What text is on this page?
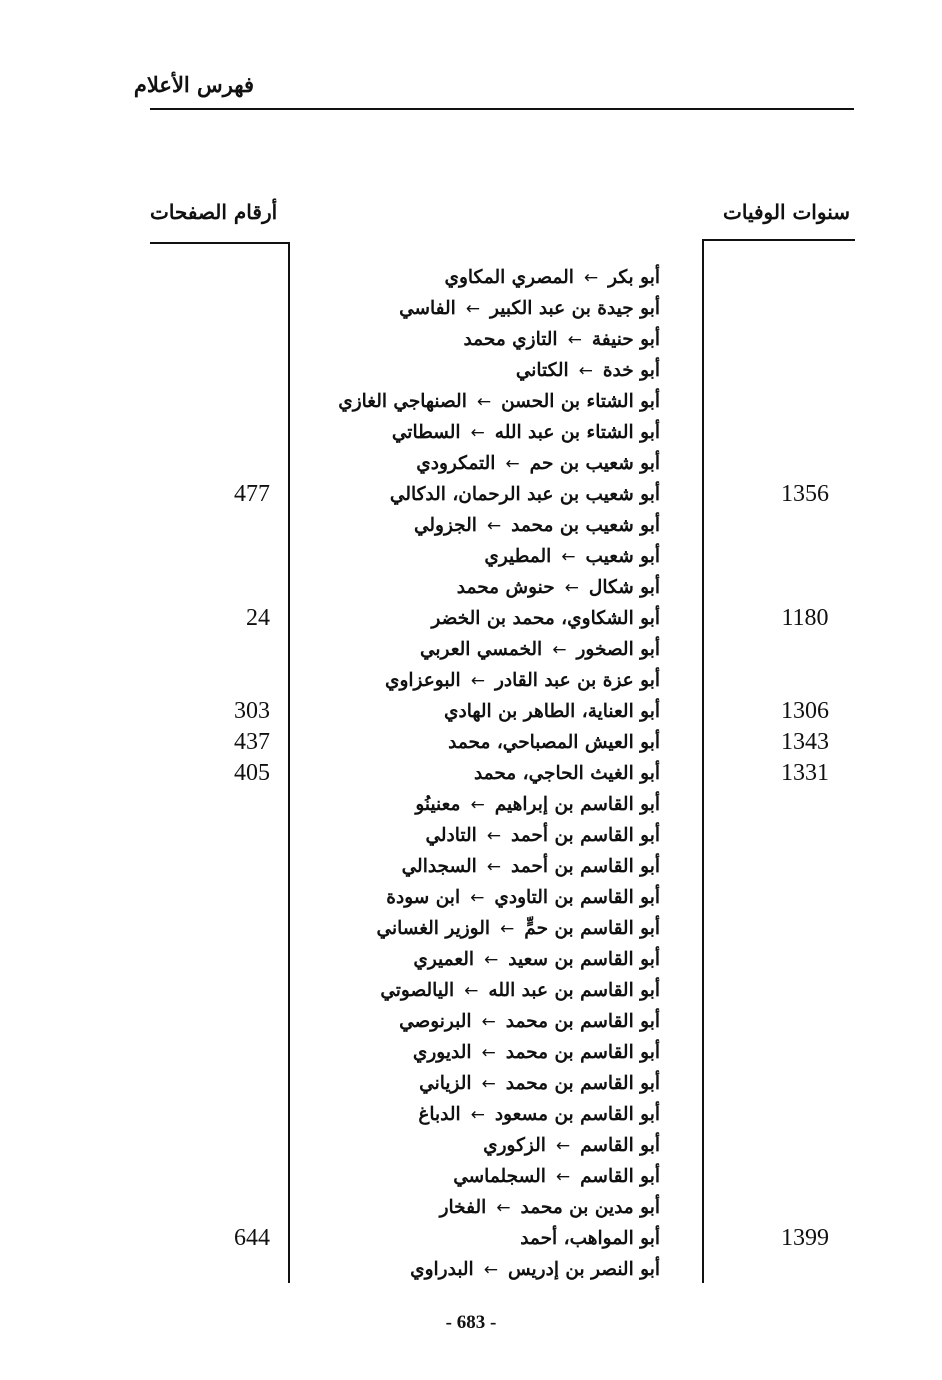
فهرس الأعلام
سنوات الوفيات
أرقام الصفحات
أبو بكر←المصري المكاوي
أبو جيدة بن عبد الكبير←الفاسي
أبو حنيفة←التازي محمد
أبو خدة←الكتاني
أبو الشتاء بن الحسن←الصنهاجي الغازي
أبو الشتاء بن عبد الله←السطاتي
أبو شعيب بن حم←التمكرودي
أبو شعيب بن عبد الرحمان، الدكالي
أبو شعيب بن محمد←الجزولي
أبو شعيب←المطيري
أبو شكال←حنوش محمد
أبو الشكاوي، محمد بن الخضر
أبو الصخور←الخمسي العربي
أبو عزة بن عبد القادر←البوعزاوي
أبو العناية، الطاهر بن الهادي
أبو العيش المصباحي، محمد
أبو الغيث الحاجي، محمد
أبو القاسم بن إبراهيم←معنينُو
أبو القاسم بن أحمد←التادلي
أبو القاسم بن أحمد←السجدالي
أبو القاسم بن التاودي←ابن سودة
أبو القاسم بن حمٍّ←الوزير الغساني
أبو القاسم بن سعيد←العميري
أبو القاسم بن عبد الله←اليالصوتي
أبو القاسم بن محمد←البرنوصي
أبو القاسم بن محمد←الديوري
أبو القاسم بن محمد←الزياني
أبو القاسم بن مسعود←الدباغ
أبو القاسم←الزكوري
أبو القاسم←السجلماسي
أبو مدين بن محمد←الفخار
أبو المواهب، أحمد
أبو النصر بن إدريس←البدراوي
1356
1180
1306
1343
1331
1399
477
24
303
437
405
644
- 683 -
